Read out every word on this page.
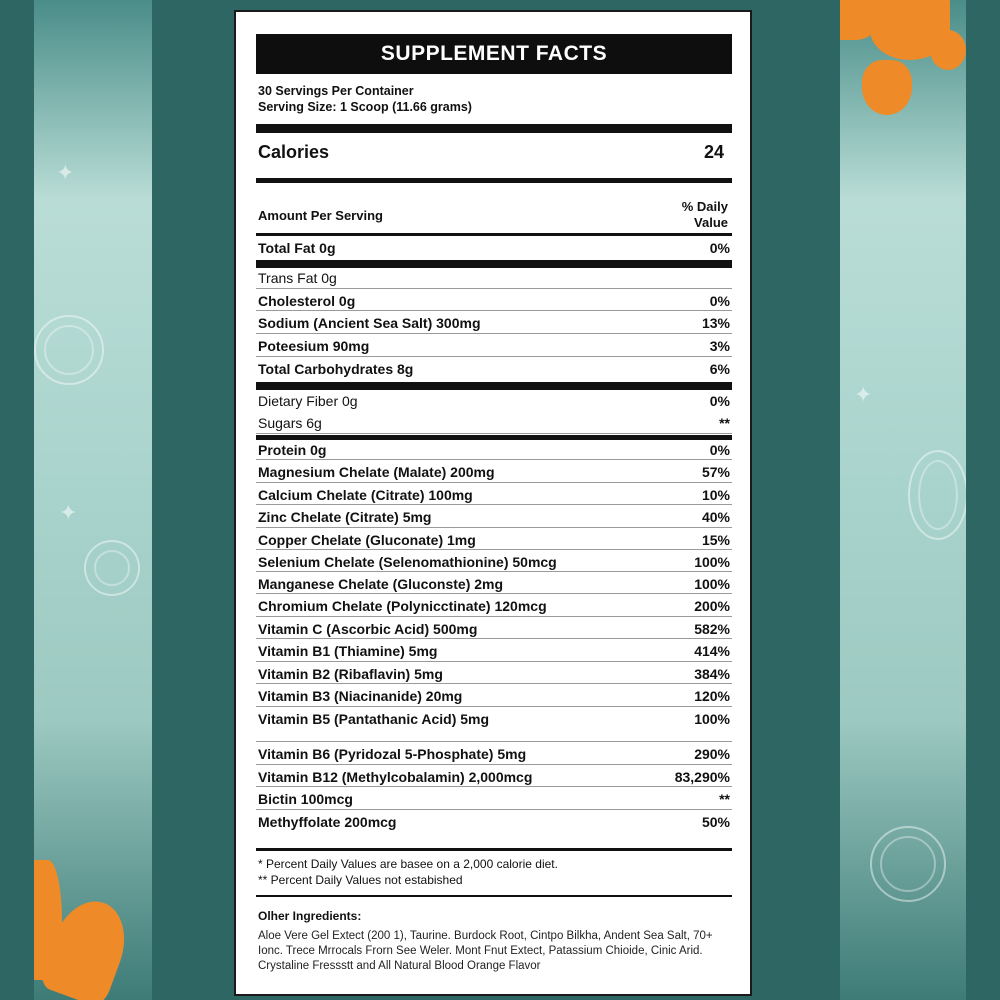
✦
✦
✦
SUPPLEMENT FACTS
30 Servings Per Container
Serving Size: 1 Scoop (11.66 grams)
Calories	24
Amount Per Serving
% Daily
Value
Total Fat 0g	0%
Trans Fat 0g
Cholesterol 0g	0%
Sodium (Ancient Sea Salt) 300mg	13%
Poteesium 90mg	3%
Total Carbohydrates 8g	6%
Dietary Fiber 0g	0%
Sugars 6g	**
Protein 0g	0%
Magnesium Chelate (Malate) 200mg	57%
Calcium Chelate (Citrate) 100mg	10%
Zinc Chelate (Citrate) 5mg	40%
Copper Chelate (Gluconate) 1mg	15%
Selenium Chelate (Selenomathionine) 50mcg	100%
Manganese Chelate (Gluconste) 2mg	100%
Chromium Chelate (Polynicctinate) 120mcg	200%
Vitamin C (Ascorbic Acid) 500mg	582%
Vitamin B1 (Thiamine) 5mg	414%
Vitamin B2 (Ribaflavin) 5mg	384%
Vitamin B3 (Niacinanide) 20mg	120%
Vitamin B5 (Pantathanic Acid) 5mg	100%
Vitamin B6 (Pyridozal 5-Phosphate) 5mg	290%
Vitamin B12 (Methylcobalamin) 2,000mcg	83,290%
Bictin 100mcg	**
Methyffolate 200mcg	50%
* Percent Daily Values are basee on a 2,000 calorie diet.
** Percent Daily Values not estabished
Olher Ingredients:
Aloe Vere Gel Extect (200 1), Taurine. Burdock Root, Cintpo Bilkha, Andent Sea Salt, 70+ Ionc. Trece Mrrocals Frorn See Weler. Mont Fnut Extect, Patassium Chioide, Cinic Arid. Crystaline Fressstt and All Natural Blood Orange Flavor
